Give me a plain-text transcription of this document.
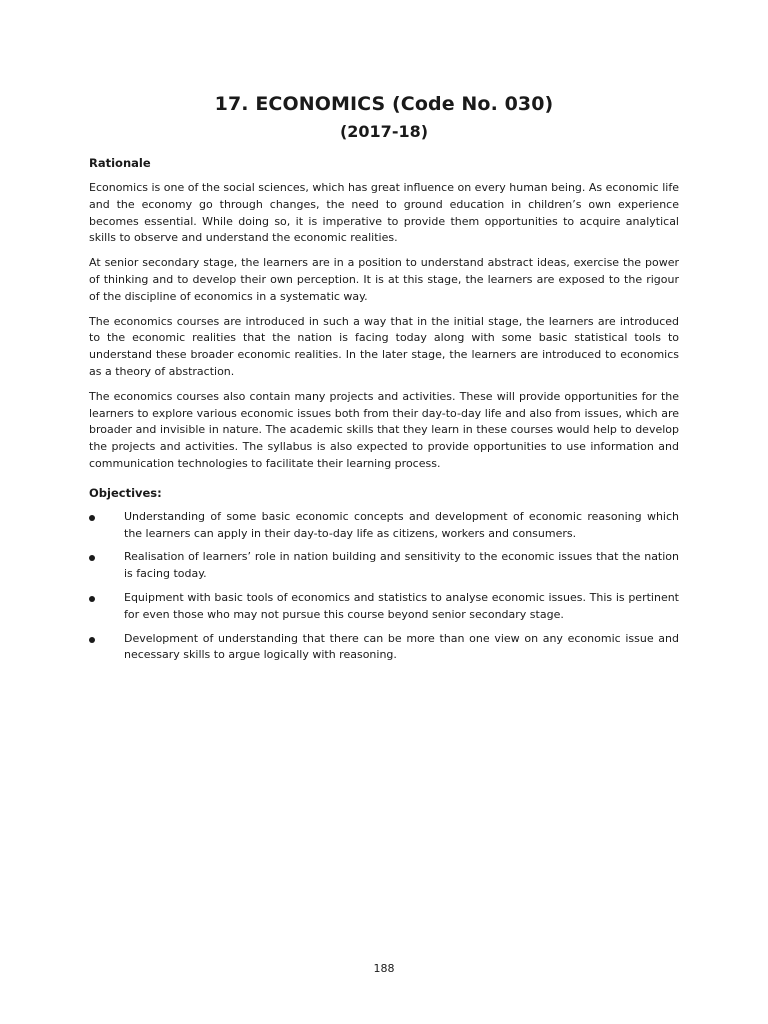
17. ECONOMICS (Code No. 030)
(2017-18)
Rationale

Economics is one of the social sciences, which has great influence on every human being. As economic life and the economy go through changes, the need to ground education in children’s own experience becomes essential. While doing so, it is imperative to provide them opportunities to acquire analytical skills to observe and understand the economic realities.

At senior secondary stage, the learners are in a position to understand abstract ideas, exercise the power of thinking and to develop their own perception. It is at this stage, the learners are exposed to the rigour of the discipline of economics in a systematic way.

The economics courses are introduced in such a way that in the initial stage, the learners are introduced to the economic realities that the nation is facing today along with some basic statistical tools to understand these broader economic realities. In the later stage, the learners are introduced to economics as a theory of abstraction.

The economics courses also contain many projects and activities. These will provide opportunities for the learners to explore various economic issues both from their day-to-day life and also from issues, which are broader and invisible in nature. The academic skills that they learn in these courses would help to develop the projects and activities. The syllabus is also expected to provide opportunities to use information and communication technologies to facilitate their learning process.

Objectives:
Understanding of some basic economic concepts and development of economic reasoning which the learners can apply in their day-to-day life as citizens, workers and consumers.
Realisation of learners’ role in nation building and sensitivity to the economic issues that the nation is facing today.
Equipment with basic tools of economics and statistics to analyse economic issues. This is pertinent for even those who may not pursue this course beyond senior secondary stage.
Development of understanding that there can be more than one view on any economic issue and necessary skills to argue logically with reasoning.
188
